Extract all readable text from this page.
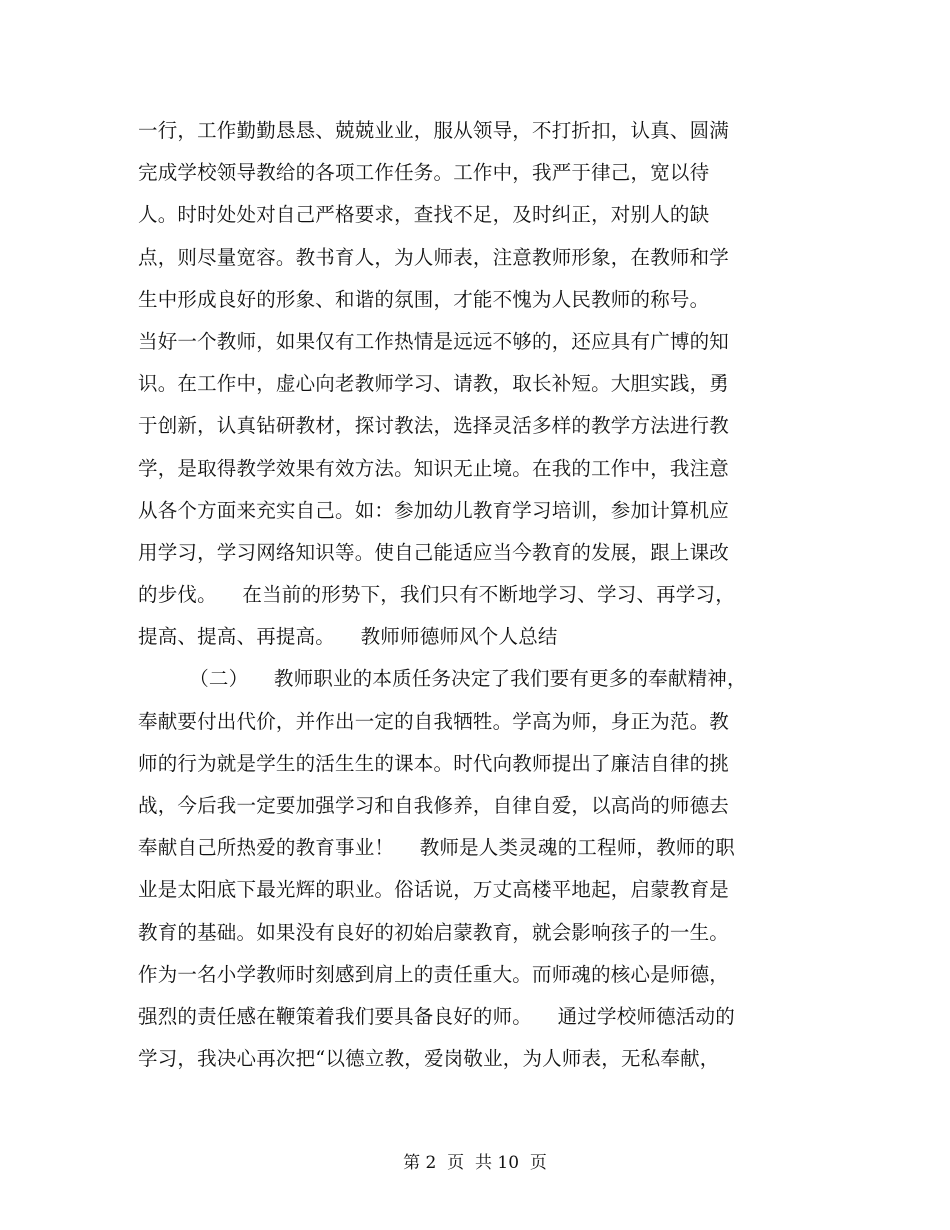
一行，工作勤勤恳恳、兢兢业业，服从领导，不打折扣，认真、圆满
完成学校领导教给的各项工作任务。工作中，我严于律己，宽以待
人。时时处处对自己严格要求，查找不足，及时纠正，对别人的缺
点，则尽量宽容。教书育人，为人师表，注意教师形象，在教师和学
生中形成良好的形象、和谐的氛围，才能不愧为人民教师的称号。
当好一个教师，如果仅有工作热情是远远不够的，还应具有广博的知
识。在工作中，虚心向老教师学习、请教，取长补短。大胆实践，勇
于创新，认真钻研教材，探讨教法，选择灵活多样的教学方法进行教
学，是取得教学效果有效方法。知识无止境。在我的工作中，我注意
从各个方面来充实自己。如：参加幼儿教育学习培训，参加计算机应
用学习，学习网络知识等。使自己能适应当今教育的发展，跟上课改
的步伐。    在当前的形势下，我们只有不断地学习、学习、再学习，
提高、提高、再提高。    教师师德师风个人总结
（二）    教师职业的本质任务决定了我们要有更多的奉献精神，
奉献要付出代价，并作出一定的自我牺牲。学高为师，身正为范。教
师的行为就是学生的活生生的课本。时代向教师提出了廉洁自律的挑
战，今后我一定要加强学习和自我修养，自律自爱，以高尚的师德去
奉献自己所热爱的教育事业！    教师是人类灵魂的工程师，教师的职
业是太阳底下最光辉的职业。俗话说，万丈高楼平地起，启蒙教育是
教育的基础。如果没有良好的初始启蒙教育，就会影响孩子的一生。
作为一名小学教师时刻感到肩上的责任重大。而师魂的核心是师德，
强烈的责任感在鞭策着我们要具备良好的师。    通过学校师德活动的
学习，我决心再次把“以德立教，爱岗敬业，为人师表，无私奉献，
第 2  页  共 10  页
